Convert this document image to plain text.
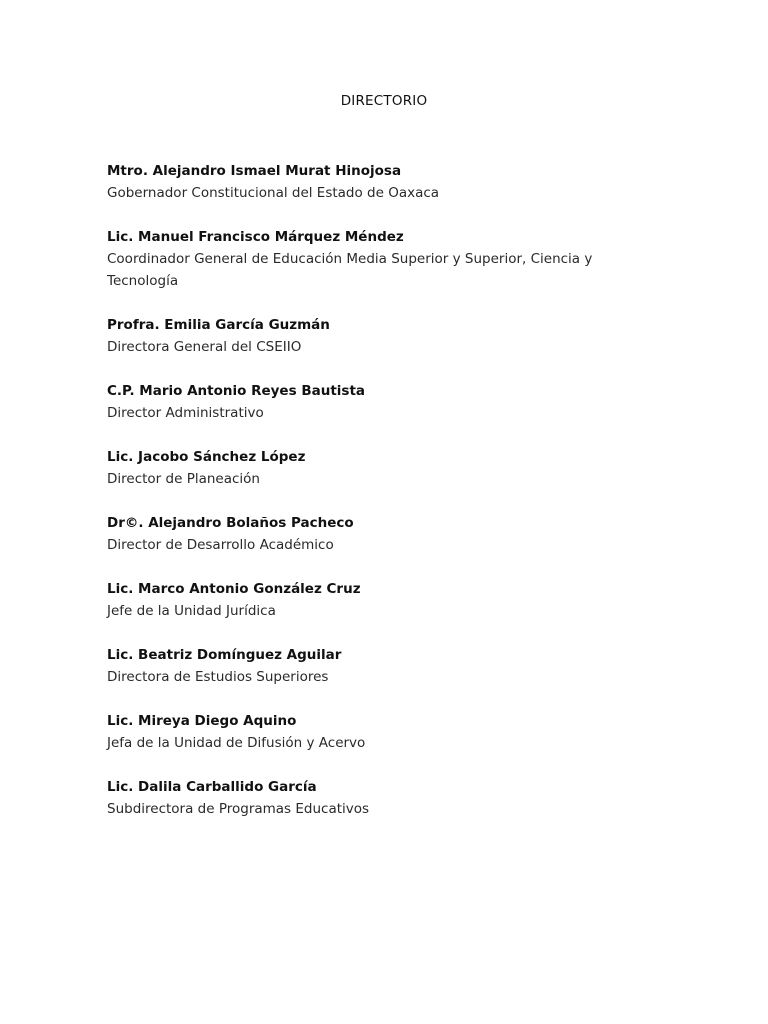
DIRECTORIO
Mtro. Alejandro Ismael Murat Hinojosa
Gobernador Constitucional del Estado de Oaxaca
Lic. Manuel Francisco Márquez Méndez
Coordinador General de Educación Media Superior y Superior, Ciencia y Tecnología
Profra. Emilia García Guzmán
Directora General del CSEIIO
C.P. Mario Antonio Reyes Bautista
Director Administrativo
Lic. Jacobo Sánchez López
Director de Planeación
Dr©. Alejandro Bolaños Pacheco
Director de Desarrollo Académico
Lic. Marco Antonio González Cruz
Jefe de la Unidad Jurídica
Lic. Beatriz Domínguez Aguilar
Directora de Estudios Superiores
Lic. Mireya Diego Aquino
Jefa de la Unidad de Difusión y Acervo
Lic. Dalila Carballido García
Subdirectora de Programas Educativos
